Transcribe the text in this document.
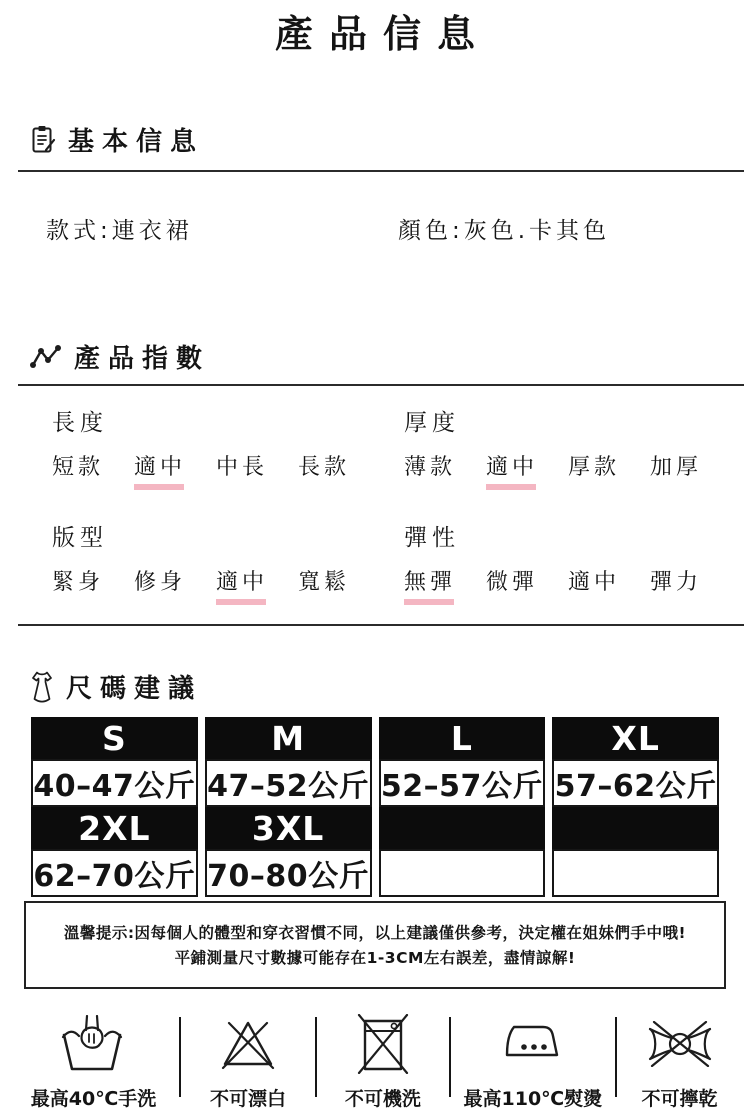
產品信息
基本信息
款式:連衣裙	顏色:灰色.卡其色
產品指數
長度
短款 適中 中長 長款
厚度
薄款 適中 厚款 加厚
版型
緊身 修身 適中 寬鬆
彈性
無彈 微彈 適中 彈力
尺碼建議
S	M	L	XL
40–47公斤	47–52公斤	52–57公斤	57–62公斤
2XL	3XL		
62–70公斤	70–80公斤		
溫馨提示:因每個人的體型和穿衣習慣不同，以上建議僅供參考，決定權在姐妹們手中哦!
平鋪測量尺寸數據可能存在1-3CM左右誤差，盡情諒解!
最高40℃手洗	不可漂白	不可機洗 最高110℃熨燙 不可擰乾
